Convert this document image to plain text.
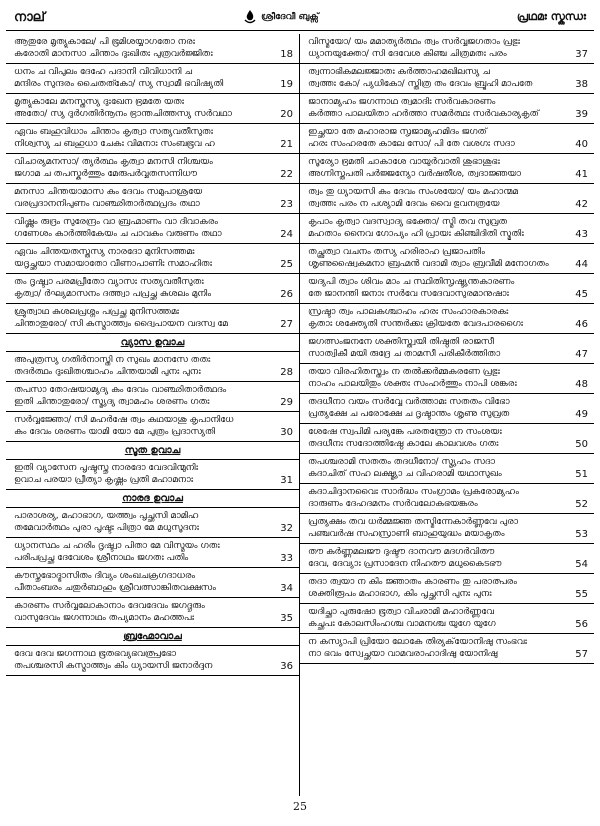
നാല്	ശ്രീദേവീ ബുക്സ്	പ്രഥമഃ സ്കന്ധഃ
ആതുരേ മൃത്യുകാലേ/ പി ഭൂമിശയ്യാഗതോ നരഃ
കരോതി മാനസാ ചിന്താം ദുഃഖിതഃ പുത്രവർജ്ജിതഃ	18
ധനം ച വിപുലം ദേഹേ പദാനി വിവിധാനി ച
മന്ദിരം സുന്ദരം ചൈതത്കോ/ സ്യ സ്വാമീ ഭവിഷ്യതി	19
മൃത്യുകാലേ മനസ്തസ്യ ദുഃഖേന ഭ്രമതേ യതഃ
അതോ/ സ്യ ദുർഗതിർനൂനം ഭ്രാന്തചിത്തസ്യ സർവഥാ	20
ഏവം ബഹുവിധാം ചിന്താം കൃത്വാ സത്യവതീസുതഃ
നിശ്വസ്യ ച ബഹുധാ ചേകഃ വിമനാഃ സംബഭൂവ ഹ	21
വിചാര്യമനസാ/ ത്യർത്ഥം കൃത്വാ മനസി നിശ്ചയം
ജഗാമ ച തപസ്കർത്തും മേരുപർവ്വതസന്നിധൗ	22
മനസാ ചിന്തയാമാസ കം ദേവം സമുപാശ്രയേ
വരപ്രദാനനിപുണം വാഞ്ഛിതാർത്ഥപ്രദം തഥാ	23
വിഷ്ണും രുദ്രം സുരേന്ദ്രം വാ ബ്രഹ്മാണം വാ ദിവാകരം
ഗണേശം കാർത്തികേയം ച പാവകം വരുണം തഥാ	24
ഏവം ചിന്തയതസ്തസ്യ നാരദോ മുനിസത്തമഃ
യദൃച്ഛയാ സമായാതോ വീണാപാണിഃ സമാഹിതഃ	25
തം ദൃഷ്ട്വാ പരമപ്രീതോ വ്യാസഃ സത്യവതീസുതഃ
കൃത്വാ/ ർഘ്യമാസനം ദത്ത്വാ പപ്രച്ഛ കുശലം മുനിം	26
ശ്രുത്വാഥ കുശലപ്രശ്നം പപ്രച്ഛ മുനിസത്തമഃ
ചിന്താതുരോ/ സി കസ്മാത്ത്വം ദ്വൈപായന വദസ്വ മേ	27
വ്യാസ ഉവാച
അപുത്രസ്യ ഗതിർനാസ്തി ന സുഖം മാനസേ തതഃ
തദർത്ഥം ദുഃഖിതശ്ചാഹം ചിന്തയാമി പുനഃ പുനഃ	28
തപസാ തോഷയാമ്യദ്യ കം ദേവം വാഞ്ഛിതാർത്ഥദം
ഇതി ചിന്താതുരോ/ സ്മ്യദ്യ ത്വാമഹം ശരണം ഗതഃ	29
സർവ്വജ്ഞോ/ സി മഹർഷേ ത്വം കഥയാശു കൃപാനിധേ
കം ദേവം ശരണം യാമി യോ മേ പുത്രം പ്രദാസ്യതി	30
സൂത ഉവാച
ഇതി വ്യാസേന പൃഷ്ടസ്തു നാരദോ വേദവിന്മുനിഃ
ഉവാച പരയാ പ്രീത്യാ കൃഷ്ണം പ്രതി മഹാമനാഃ	31
നാരദ ഉവാച
പാരാശര്യ, മഹാഭാഗ, യത്ത്വം പൃച്ഛസി മാമിഹ
തമേവാർത്ഥം പുരാ പൃഷ്ടഃ പിത്രാ മേ മധുസൂദനഃ	32
ധ്യാനസ്ഥം ച ഹരിം ദൃഷ്ട്വാ പിതാ മേ വിസ്മയം ഗതഃ
പരിപപ്രച്ഛ ദേവേശം ശ്രീനാഥം ജഗതഃ പതിം	33
കൗസ്തുഭോദ്ഭാസിതം ദിവ്യം ശംഖചക്രഗദാധരം
പീതാംബരം ചതുർബാഹും ശ്രീവത്സാങ്കിതവക്ഷസം	34
കാരണം സർവ്വലോകാനാം ദേവദേവം ജഗദ്ഗുരും
വാസുദേവം ജഗന്നാഥം തപ്യമാനം മഹത്തപഃ	35
ബ്രഹ്മോവാച
ദേവ ദേവ ജഗന്നാഥ ഭൂതഭവ്യഭവത്പ്രഭോ
തപശ്ചരസി കസ്മാത്ത്വം കിം ധ്യായസി ജനാർദ്ദന	36
വിസ്മയോ/ യം മമാത്യർത്ഥം ത്വം സർവ്വജഗതാം പ്രഭുഃ
ധ്യാനയുക്തോ/ സി ദേവേശ കിഞ്ച ചിത്രമതഃ പരം	37
ത്വന്നാഭികമലജ്ജാതഃ കർത്താഹമഖിലസ്യ ച
ത്വത്തഃ കോ/ പ്യധികോ/ സ്തിത്ര തം ദേവം ബ്രൂഹി മാപതേ	38
ജാനാമ്യഹം ജഗന്നാഥ ത്വമാദിഃ സർവകാരണം
കർത്താ പാലയിതാ ഹർത്താ സമർത്ഥഃ സർവകാര്യകൃത്	39
ഇച്ഛയാ തേ മഹാരാജ സൃജാമ്യഹമിദം ജഗത്
ഹരഃ സംഹരതേ കാലേ സോ/ പി തേ വശഗഃ സദാ	40
സൂര്യോ ഭ്രമതി ചാകാശേ വായുർവാതി ശുഭാശുഭഃ
അഗ്നിസ്തപതി പർജ്ജന്യോ വർഷതീശ, ത്വദാജ്ഞയാ	41
ത്വം തു ധ്യായസി കം ദേവം സംശയോ/ യം മഹാന്മമ
ത്വത്തഃ പരം ന പശ്യാമി ദേവം വൈ ഭുവനത്രയേ	42
കൃപാം കൃത്വാ വദസ്വാദ്യ ഭക്തോ/ സ്മി തവ സുവ്രത
മഹതാം നൈവ ഗോപ്യം ഹി പ്രായഃ കിഞ്ചിദിതി സ്മൃതിഃ	43
തച്ഛ്രുത്വാ വചനം തസ്യ ഹരിരാഹ പ്രജാപതിം
ശൃണുഷ്വൈകമനാ ബ്രഹ്മൻ വദാമി ത്വാം ബ്രവീമി മനോഗതം	44
യദ്യപി ത്വാം ശിവം മാം ച സ്ഥിതിസൃഷ്ട്യന്തകാരണം
തേ ജാനന്തി ജനാഃ സർവേ സദേവാസുരമാനുഷാഃ	45
സ്രഷ്ടാ ത്വം പാലകശ്ചാഹം ഹരഃ സംഹാരകാരകഃ
കൃതാഃ ശക്ത്യേതി സന്തർക്കഃ ക്രിയതേ വേദപാരഗൈഃ	46
ജഗത്സംജനനേ ശക്തിസ്ത്വയി തിഷ്ഠതി രാജസീ
സാത്വികീ മയി രുദ്രേ ച താമസീ പരികീർത്തിതാ	47
തയാ വിരഹിതസ്ത്വം ന തൽക്കർമ്മകരണേ പ്രഭുഃ
നാഹം പാലയിതും ശക്തഃ സംഹർത്തും നാപി ശങ്കരഃ	48
തദധീനാ വയം സർവ്വേ വർത്താമഃ സതതം വിഭോ
പ്രത്യക്ഷേ ച പരോക്ഷേ ച ദൃഷ്ടാന്തം ശൃണു സുവ്രത	49
ശേഷേ സ്വപിമി പര്യങ്കേ പരതന്ത്രോ ന സംശയഃ
തദധീനഃ സദോത്തിഷ്ഠേ കാലേ കാലവശം ഗതഃ	50
തപശ്ചരാമി സതതം തദധീനോ/ സ്മ്യഹം സദാ
കദാചിത് സഹ ലക്ഷ്മ്യാ ച വിഹരാമി യഥാസുഖം	51
കദാചിദ്ദാനവൈഃ സാർദ്ധം സംഗ്രാമം പ്രകരോമ്യഹം
ദാരുണം ദേഹദമനം സർവലോകഭയങ്കരം	52
പ്രത്യക്ഷം തവ ധർമ്മജ്ഞ തസ്മിന്നേകാർണ്ണവേ പുരാ
പഞ്ചവർഷ സഹസ്രാണി ബാഹുയുദ്ധം മയാകൃതം	53
തൗ കർണ്ണമലജൗ ദുഷ്ടൗ ദാനവൗ മദഗർവിതൗ
ദേവ, ദേവ്യാഃ പ്രസാദേന നിഹതൗ മധുകൈടഭൗ	54
തദാ ത്വയാ ന കിം ജ്ഞാതം കാരണം തു പരാത്പരം
ശക്തിരൂപം മഹാഭാഗ, കിം പൃച്ഛസി പുനഃ പുനഃ	55
യദിച്ഛാ പുരുഷോ ഭൂത്വാ വിചരാമി മഹാർണ്ണവേ
കച്ഛപഃ കോലസിംഹശ്ച വാമനശ്ച യുഗേ യുഗേ	56
ന കസ്യാപി പ്രിയോ ലോകേ തിര്യക്‌യോനിഷു സംഭവഃ
നാ ഭവം സ്വേച്ഛയാ വാമവരാഹാദിഷു യോനിഷു	57
25
